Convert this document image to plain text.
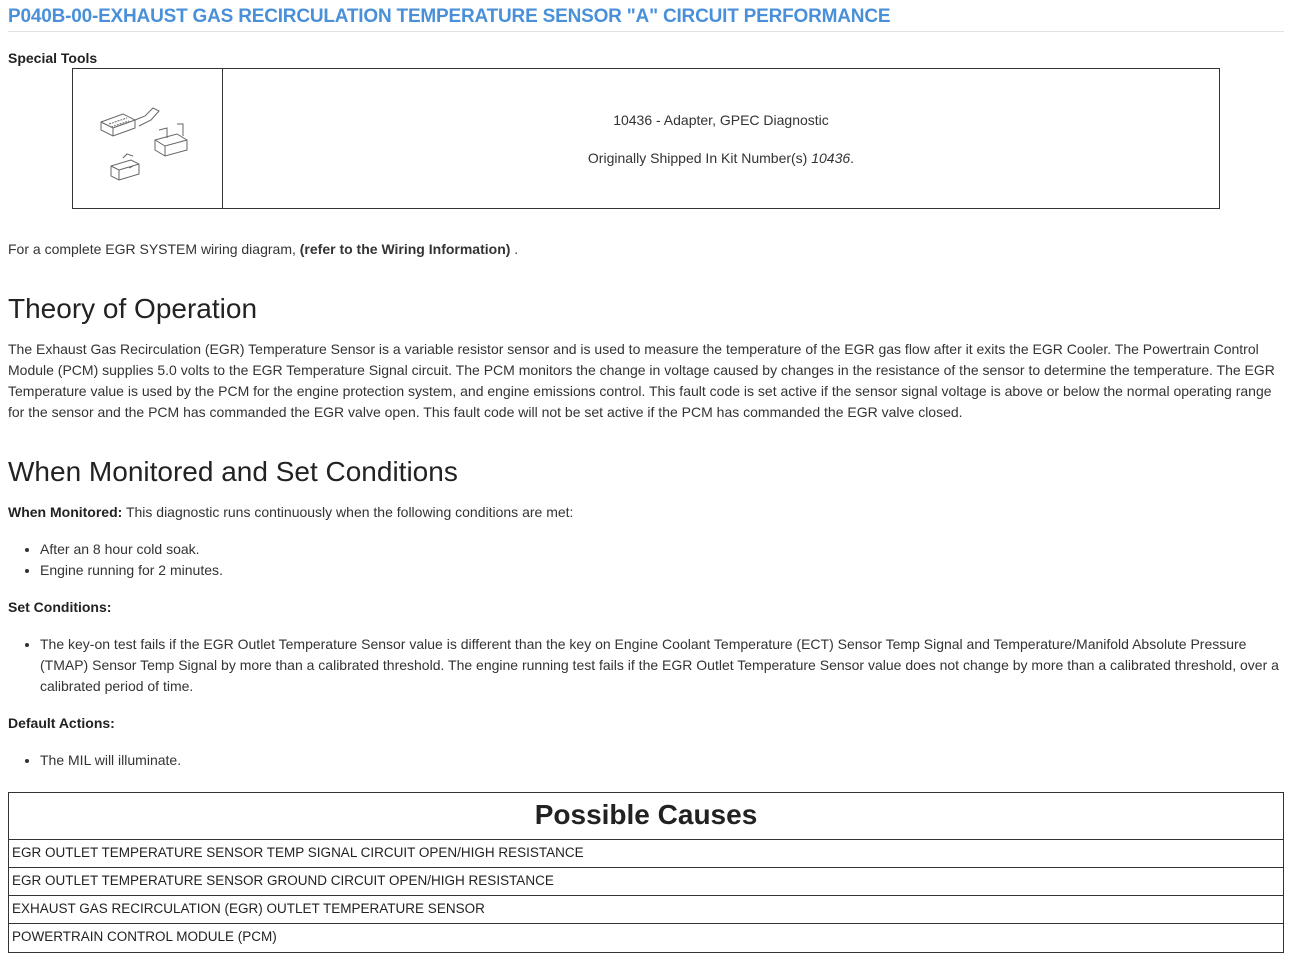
P040B-00-EXHAUST GAS RECIRCULATION TEMPERATURE SENSOR "A" CIRCUIT PERFORMANCE
Special Tools
10436 - Adapter, GPEC Diagnostic
Originally Shipped In Kit Number(s) 10436.
For a complete EGR SYSTEM wiring diagram, (refer to the Wiring Information) .
Theory of Operation

The Exhaust Gas Recirculation (EGR) Temperature Sensor is a variable resistor sensor and is used to measure the temperature of the EGR gas flow after it exits the EGR Cooler. The Powertrain Control Module (PCM) supplies 5.0 volts to the EGR Temperature Signal circuit. The PCM monitors the change in voltage caused by changes in the resistance of the sensor to determine the temperature. The EGR Temperature value is used by the PCM for the engine protection system, and engine emissions control. This fault code is set active if the sensor signal voltage is above or below the normal operating range for the sensor and the PCM has commanded the EGR valve open. This fault code will not be set active if the PCM has commanded the EGR valve closed.

When Monitored and Set Conditions

When Monitored: This diagnostic runs continuously when the following conditions are met:

• After an 8 hour cold soak.
• Engine running for 2 minutes.
Set Conditions:
• The key-on test fails if the EGR Outlet Temperature Sensor value is different than the key on Engine Coolant Temperature (ECT) Sensor Temp Signal and Temperature/Manifold Absolute Pressure (TMAP) Sensor Temp Signal by more than a calibrated threshold. The engine running test fails if the EGR Outlet Temperature Sensor value does not change by more than a calibrated threshold, over a calibrated period of time.
Default Actions:
• The MIL will illuminate.
Possible Causes
EGR OUTLET TEMPERATURE SENSOR TEMP SIGNAL CIRCUIT OPEN/HIGH RESISTANCE
EGR OUTLET TEMPERATURE SENSOR GROUND CIRCUIT OPEN/HIGH RESISTANCE
EXHAUST GAS RECIRCULATION (EGR) OUTLET TEMPERATURE SENSOR
POWERTRAIN CONTROL MODULE (PCM)
